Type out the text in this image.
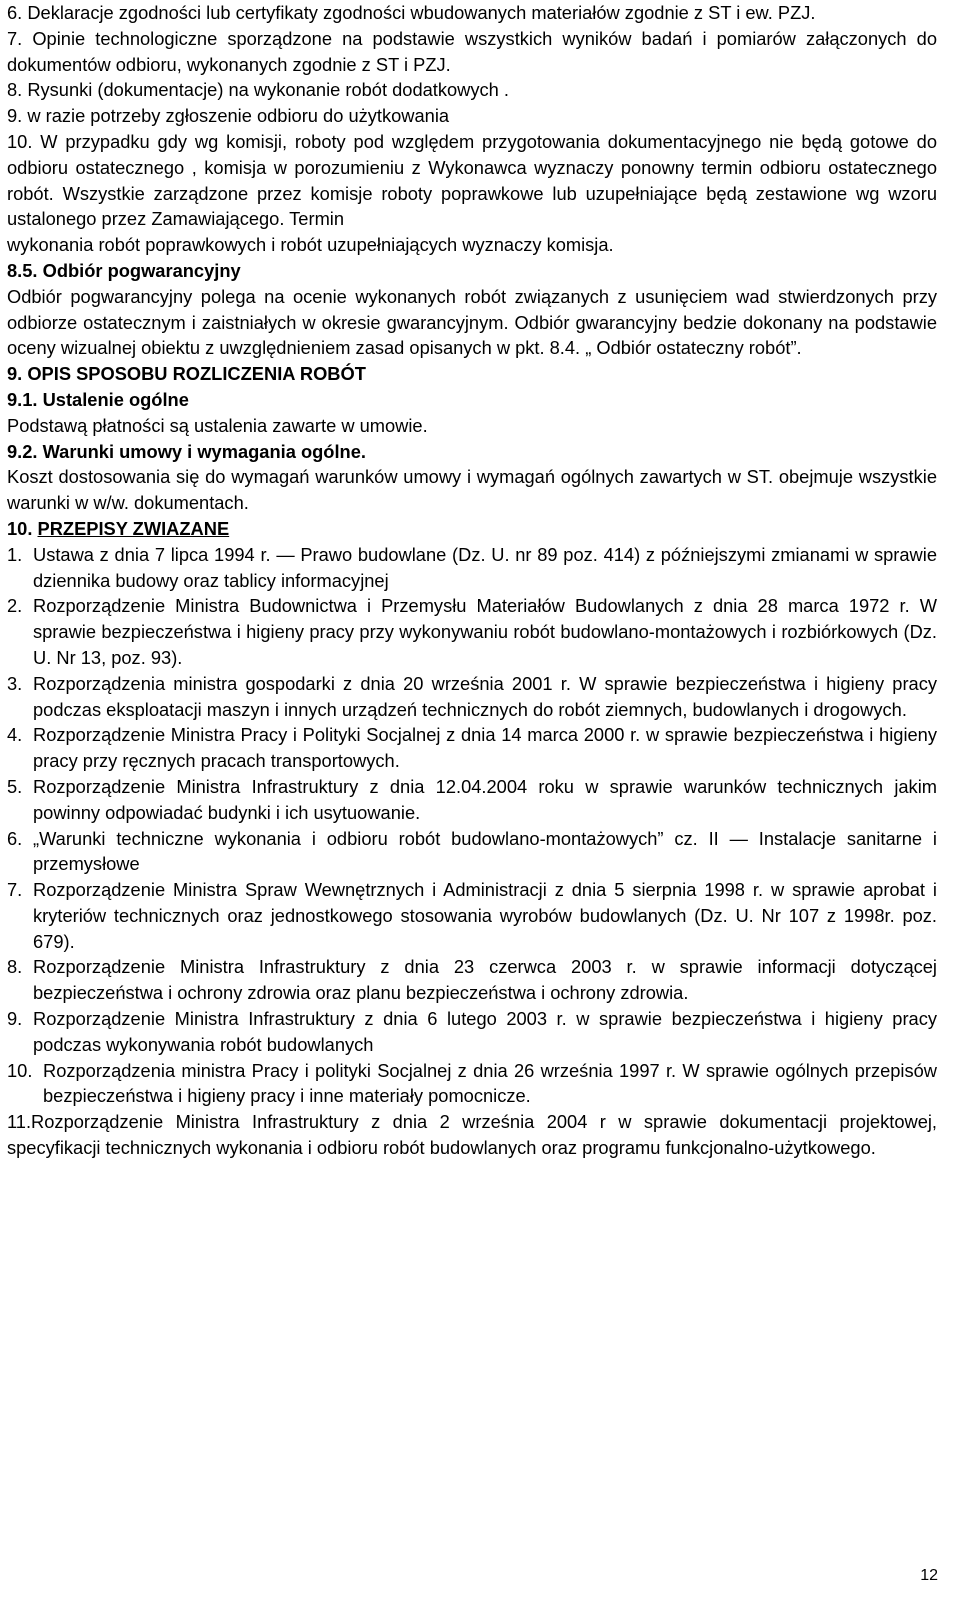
6. Deklaracje zgodności lub certyfikaty zgodności wbudowanych materiałów zgodnie z ST i ew. PZJ.

7. Opinie technologiczne sporządzone na podstawie wszystkich wyników badań i pomiarów załączonych do dokumentów odbioru, wykonanych zgodnie z ST i PZJ.

8. Rysunki (dokumentacje) na wykonanie robót dodatkowych .

9. w razie potrzeby zgłoszenie odbioru do użytkowania

10. W przypadku gdy wg komisji, roboty pod względem przygotowania dokumentacyjnego nie będą gotowe do odbioru ostatecznego , komisja w porozumieniu z Wykonawca wyznaczy ponowny termin odbioru ostatecznego robót. Wszystkie zarządzone przez komisje roboty poprawkowe lub uzupełniające będą zestawione wg wzoru ustalonego przez Zamawiającego. Termin

wykonania robót poprawkowych i robót uzupełniających wyznaczy komisja.

8.5. Odbiór pogwarancyjny

Odbiór pogwarancyjny polega na ocenie wykonanych robót związanych z usunięciem wad stwierdzonych przy odbiorze ostatecznym i zaistniałych w okresie gwarancyjnym. Odbiór gwarancyjny bedzie dokonany na podstawie oceny wizualnej obiektu z uwzględnieniem zasad opisanych w pkt. 8.4. „ Odbiór ostateczny robót”.

9. OPIS SPOSOBU ROZLICZENIA ROBÓT

9.1. Ustalenie ogólne

Podstawą płatności są ustalenia zawarte w umowie.

9.2. Warunki umowy i wymagania ogólne.

Koszt dostosowania się do wymagań warunków umowy i wymagań ogólnych zawartych w ST. obejmuje wszystkie warunki w w/w. dokumentach.

10. PRZEPISY ZWIAZANE

1. Ustawa z dnia 7 lipca 1994 r. — Prawo budowlane (Dz. U. nr 89 poz. 414) z późniejszymi zmianami w sprawie dziennika budowy oraz tablicy informacyjnej
2. Rozporządzenie Ministra Budownictwa i Przemysłu Materiałów Budowlanych z dnia 28 marca 1972 r. W sprawie bezpieczeństwa i higieny pracy przy wykonywaniu robót budowlano-montażowych i rozbiórkowych (Dz. U. Nr 13, poz. 93).
3. Rozporządzenia ministra gospodarki z dnia 20 września 2001 r. W sprawie bezpieczeństwa i higieny pracy podczas eksploatacji maszyn i innych urządzeń technicznych do robót ziemnych, budowlanych i drogowych.
4. Rozporządzenie Ministra Pracy i Polityki Socjalnej z dnia 14 marca 2000 r. w sprawie bezpieczeństwa i higieny pracy przy ręcznych pracach transportowych.
5. Rozporządzenie Ministra Infrastruktury z dnia 12.04.2004 roku w sprawie warunków technicznych jakim powinny odpowiadać budynki i ich usytuowanie.
6. „Warunki techniczne wykonania i odbioru robót budowlano-montażowych” cz. II — Instalacje sanitarne i przemysłowe
7. Rozporządzenie Ministra Spraw Wewnętrznych i Administracji z dnia 5 sierpnia 1998 r. w sprawie aprobat i kryteriów technicznych oraz jednostkowego stosowania wyrobów budowlanych (Dz. U. Nr 107 z 1998r. poz. 679).
8. Rozporządzenie Ministra Infrastruktury z dnia 23 czerwca 2003 r. w sprawie informacji dotyczącej bezpieczeństwa i ochrony zdrowia oraz planu bezpieczeństwa i ochrony zdrowia.
9. Rozporządzenie Ministra Infrastruktury z dnia 6 lutego 2003 r. w sprawie bezpieczeństwa i higieny pracy podczas wykonywania robót budowlanych
10. Rozporządzenia ministra Pracy i polityki Socjalnej z dnia 26 września 1997 r. W sprawie ogólnych przepisów bezpieczeństwa i higieny pracy i inne materiały pomocnicze.

11.Rozporządzenie Ministra Infrastruktury z dnia 2 września 2004 r w sprawie dokumentacji projektowej, specyfikacji technicznych wykonania i odbioru robót budowlanych oraz programu funkcjonalno-użytkowego.

12
